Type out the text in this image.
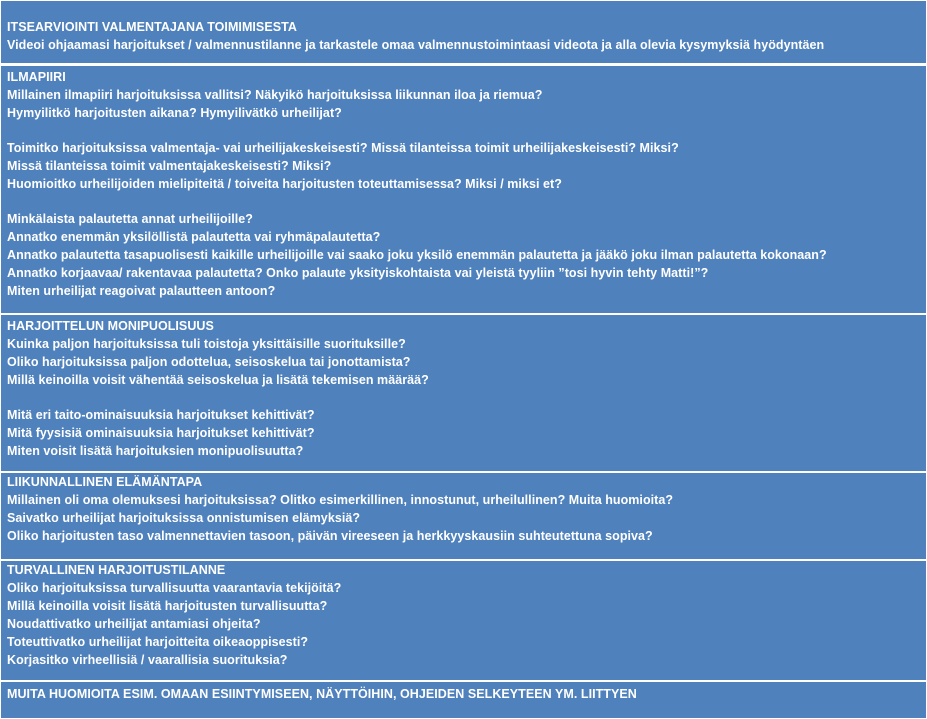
ITSEARVIOINTI VALMENTAJANA TOIMIMISESTA
Videoi ohjaamasi harjoitukset / valmennustilanne ja tarkastele omaa valmennustoimintaasi videota ja alla olevia kysymyksiä hyödyntäen
ILMAPIIRI
Millainen ilmapiiri harjoituksissa vallitsi? Näkyikö harjoituksissa liikunnan iloa ja riemua?
Hymyilitkö harjoitusten aikana? Hymyilivätkö urheilijat?
Toimitko harjoituksissa valmentaja- vai urheilijakeskeisesti? Missä tilanteissa toimit urheilijakeskeisesti? Miksi?
Missä tilanteissa toimit valmentajakeskeisesti? Miksi?
Huomioitko urheilijoiden mielipiteitä / toiveita harjoitusten toteuttamisessa? Miksi / miksi et?
Minkälaista palautetta annat urheilijoille?
Annatko enemmän yksilöllistä palautetta vai ryhmäpalautetta?
Annatko palautetta tasapuolisesti kaikille urheilijoille vai saako joku yksilö enemmän palautetta ja jääkö joku ilman palautetta kokonaan?
Annatko korjaavaa/ rakentavaa palautetta? Onko palaute yksityiskohtaista vai yleistä tyyliin ”tosi hyvin tehty Matti!”?
Miten urheilijat reagoivat palautteen antoon?
HARJOITTELUN MONIPUOLISUUS
Kuinka paljon harjoituksissa tuli toistoja yksittäisille suorituksille?
Oliko harjoituksissa paljon odottelua, seisoskelua tai jonottamista?
Millä keinoilla voisit vähentää seisoskelua ja lisätä tekemisen määrää?
Mitä eri taito-ominaisuuksia harjoitukset kehittivät?
Mitä fyysisiä ominaisuuksia harjoitukset kehittivät?
Miten voisit lisätä harjoituksien monipuolisuutta?
LIIKUNNALLINEN ELÄMÄNTAPA
Millainen oli oma olemuksesi harjoituksissa? Olitko esimerkillinen, innostunut, urheilullinen? Muita huomioita?
Saivatko urheilijat harjoituksissa onnistumisen elämyksiä?
Oliko harjoitusten taso valmennettavien tasoon, päivän vireeseen ja herkkyyskausiin suhteutettuna sopiva?
TURVALLINEN HARJOITUSTILANNE
Oliko harjoituksissa turvallisuutta vaarantavia tekijöitä?
Millä keinoilla voisit lisätä harjoitusten turvallisuutta?
Noudattivatko urheilijat antamiasi ohjeita?
Toteuttivatko urheilijat harjoitteita oikeaoppisesti?
Korjasitko virheellisiä / vaarallisia suorituksia?
MUITA HUOMIOITA ESIM. OMAAN ESIINTYMISEEN, NÄYTTÖIHIN, OHJEIDEN SELKEYTEEN YM. LIITTYEN
